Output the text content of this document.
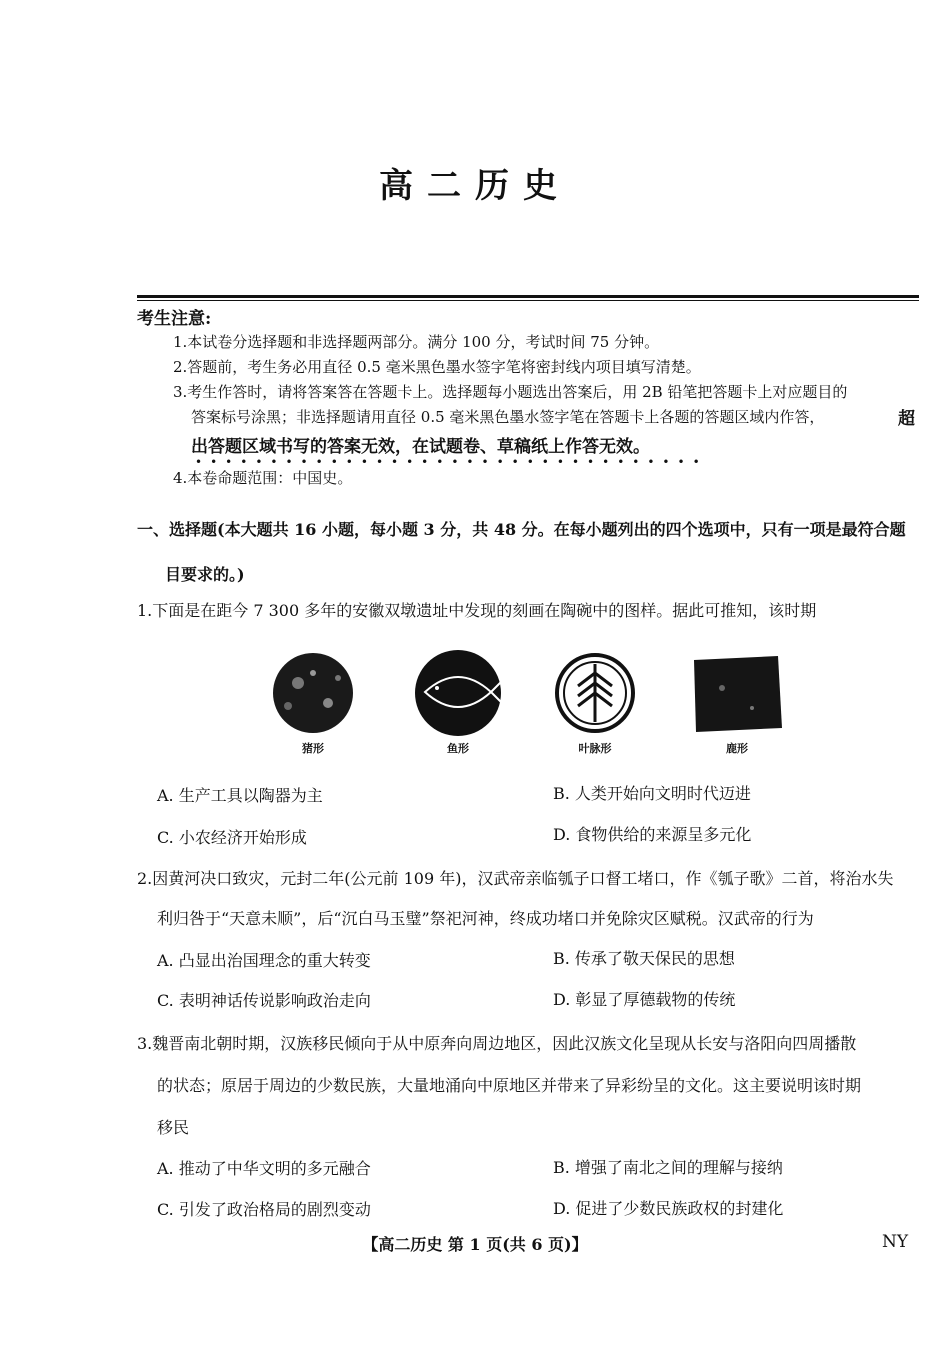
高二历史
考生注意:
1.本试卷分选择题和非选择题两部分。满分 100 分，考试时间 75 分钟。
2.答题前，考生务必用直径 0.5 毫米黑色墨水签字笔将密封线内项目填写清楚。
3.考生作答时，请将答案答在答题卡上。选择题每小题选出答案后，用 2B 铅笔把答题卡上对应题目的
答案标号涂黑；非选择题请用直径 0.5 毫米黑色墨水签字笔在答题卡上各题的答题区域内作答，	超
出答题区域书写的答案无效，在试题卷、草稿纸上作答无效。
••••••••••••••••••••••••••••••••••
4.本卷命题范围：中国史。
一、选择题(本大题共 16 小题，每小题 3 分，共 48 分。在每小题列出的四个选项中，只有一项是最符合题
目要求的。)
1.下面是在距今 7 300 多年的安徽双墩遗址中发现的刻画在陶碗中的图样。据此可推知，该时期
猪形	鱼形	叶脉形	鹿形
A. 生产工具以陶器为主	B. 人类开始向文明时代迈进
C. 小农经济开始形成	D. 食物供给的来源呈多元化
2.因黄河决口致灾，元封二年(公元前 109 年)，汉武帝亲临瓠子口督工堵口，作《瓠子歌》二首，将治水失
利归咎于“天意未顺”，后“沉白马玉璧”祭祀河神，终成功堵口并免除灾区赋税。汉武帝的行为
A. 凸显出治国理念的重大转变	B. 传承了敬天保民的思想
C. 表明神话传说影响政治走向	D. 彰显了厚德载物的传统
3.魏晋南北朝时期，汉族移民倾向于从中原奔向周边地区，因此汉族文化呈现从长安与洛阳向四周播散
的状态；原居于周边的少数民族，大量地涌向中原地区并带来了异彩纷呈的文化。这主要说明该时期
移民
A. 推动了中华文明的多元融合	B. 增强了南北之间的理解与接纳
C. 引发了政治格局的剧烈变动	D. 促进了少数民族政权的封建化
【高二历史 第 1 页(共 6 页)】	NY
